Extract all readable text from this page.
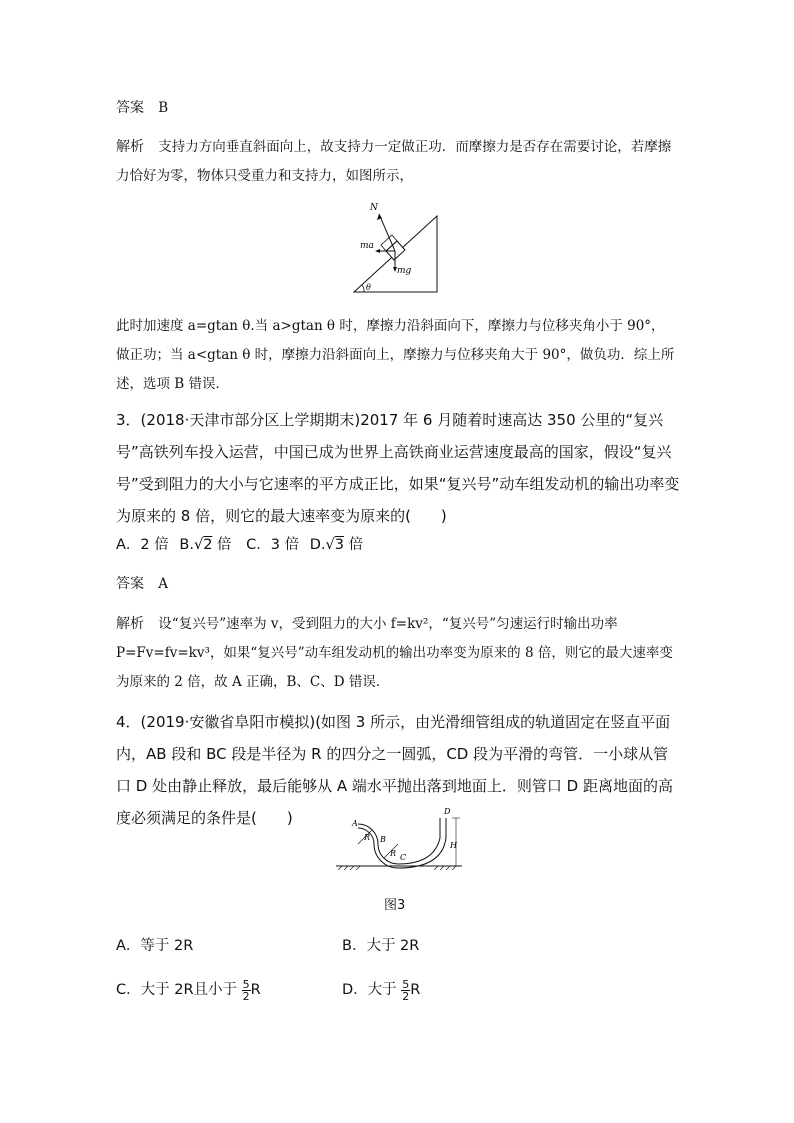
答案 B
解析 支持力方向垂直斜面向上，故支持力一定做正功．而摩擦力是否存在需要讨论，若摩擦力恰好为零，物体只受重力和支持力，如图所示，
N
ma
mg
θ
此时加速度 a=gtan θ.当 a>gtan θ 时，摩擦力沿斜面向下，摩擦力与位移夹角小于 90°，做正功；当 a<gtan θ 时，摩擦力沿斜面向上，摩擦力与位移夹角大于 90°，做负功．综上所述，选项 B 错误．
3．(2018·天津市部分区上学期期末)2017 年 6 月随着时速高达 350 公里的“复兴号”高铁列车投入运营，中国已成为世界上高铁商业运营速度最高的国家，假设“复兴号”受到阻力的大小与它速率的平方成正比，如果“复兴号”动车组发动机的输出功率变为原来的 8 倍，则它的最大速率变为原来的(　　)
A．2 倍 B.√2 倍 C．3 倍 D.√3 倍
答案 A
解析 设“复兴号”速率为 v，受到阻力的大小 f=kv²，“复兴号”匀速运行时输出功率 P=Fv=fv=kv³，如果“复兴号”动车组发动机的输出功率变为原来的 8 倍，则它的最大速率变为原来的 2 倍，故 A 正确，B、C、D 错误．
4．(2019·安徽省阜阳市模拟)(如图 3 所示，由光滑细管组成的轨道固定在竖直平面内，AB 段和 BC 段是半径为 R 的四分之一圆弧，CD 段为平滑的弯管．一小球从管口 D 处由静止释放，最后能够从 A 端水平抛出落到地面上．则管口 D 距离地面的高度必须满足的条件是(　　)	A
B
C
D
R
R
H
图3
A．等于 2R	B．大于 2R
C．大于 2R且小于 $\frac{5}{2}$ R	D．大于 $\frac{5}{2}$ R
